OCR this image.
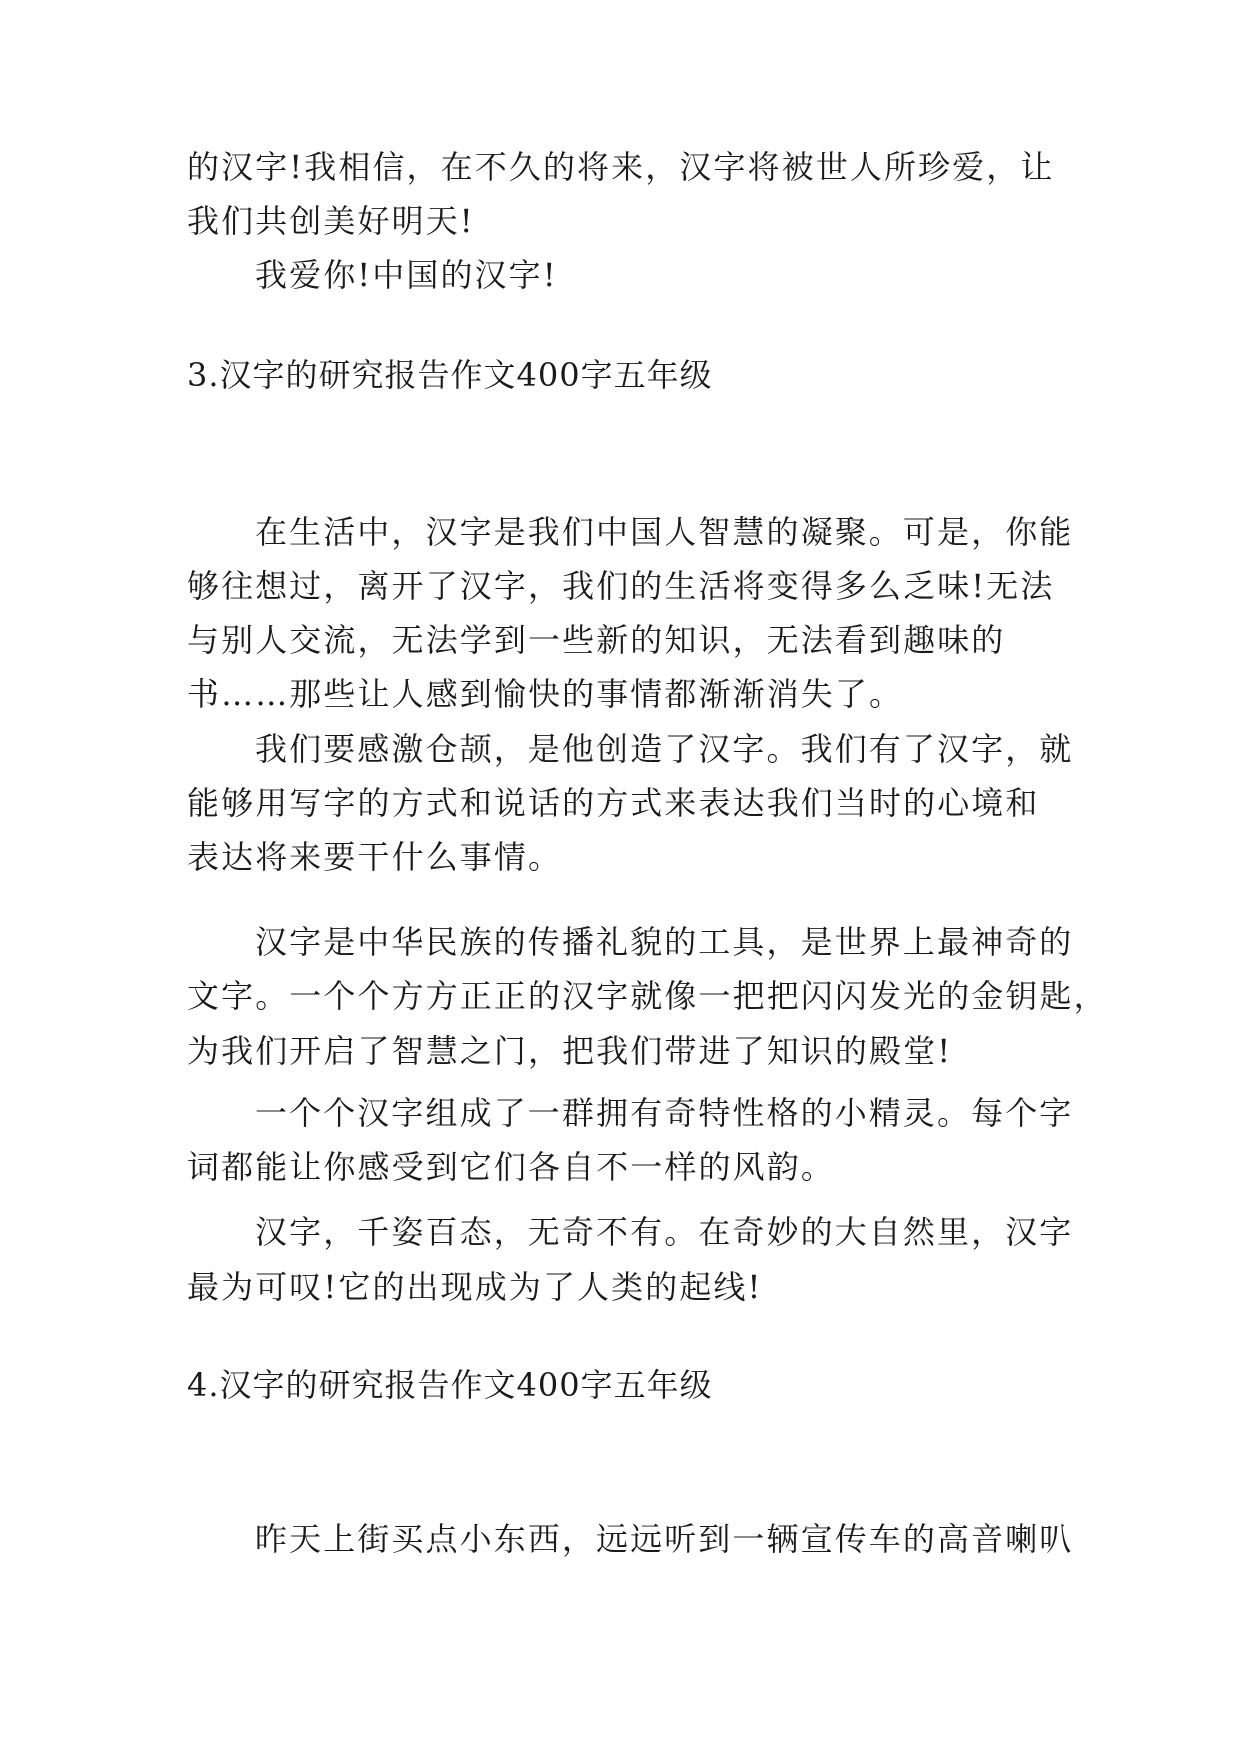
的汉字!我相信，在不久的将来，汉字将被世人所珍爱，让
我们共创美好明天!
我爱你!中国的汉字!
3.汉字的研究报告作文400字五年级
在生活中，汉字是我们中国人智慧的凝聚。可是，你能
够往想过，离开了汉字，我们的生活将变得多么乏味!无法
与别人交流，无法学到一些新的知识，无法看到趣味的
书……那些让人感到愉快的事情都渐渐消失了。
我们要感激仓颉，是他创造了汉字。我们有了汉字，就
能够用写字的方式和说话的方式来表达我们当时的心境和
表达将来要干什么事情。
汉字是中华民族的传播礼貌的工具，是世界上最神奇的
文字。一个个方方正正的汉字就像一把把闪闪发光的金钥匙，
为我们开启了智慧之门，把我们带进了知识的殿堂!
一个个汉字组成了一群拥有奇特性格的小精灵。每个字
词都能让你感受到它们各自不一样的风韵。
汉字，千姿百态，无奇不有。在奇妙的大自然里，汉字
最为可叹!它的出现成为了人类的起线!
4.汉字的研究报告作文400字五年级
昨天上街买点小东西，远远听到一辆宣传车的高音喇叭
